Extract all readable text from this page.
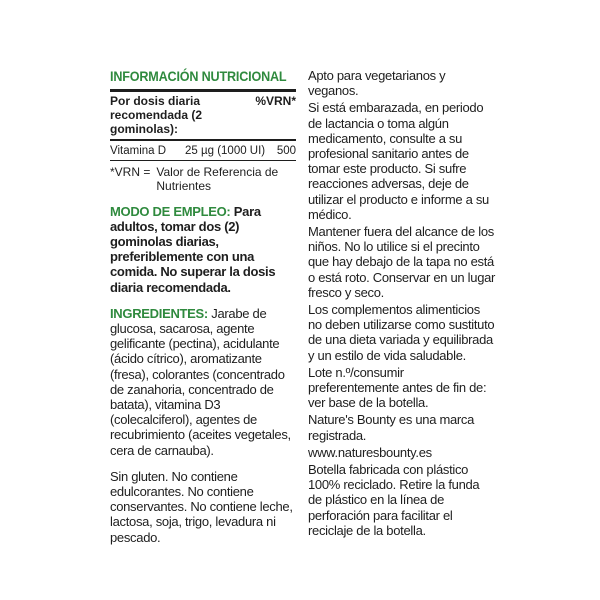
INFORMACIÓN NUTRICIONAL
Por dosis diaria recomendada (2 gominolas):
%VRN*
Vitamina D	25 µg (1000 UI)	500
*VRN = Valor de Referencia de Nutrientes
MODO DE EMPLEO: Para adultos, tomar dos (2) gominolas diarias, preferiblemente con una comida. No superar la dosis diaria recomendada.
INGREDIENTES: Jarabe de glucosa, sacarosa, agente gelificante (pectina), acidulante (ácido cítrico), aromatizante (fresa), colorantes (concentrado de zanahoria, concentrado de batata), vitamina D3 (colecalciferol), agentes de recubrimiento (aceites vegetales, cera de carnauba).
Sin gluten. No contiene edulcorantes. No contiene conservantes. No contiene leche, lactosa, soja, trigo, levadura ni pescado.

Apto para vegetarianos y veganos.

Si está embarazada, en periodo de lactancia o toma algún medicamento, consulte a su profesional sanitario antes de tomar este producto. Si sufre reacciones adversas, deje de utilizar el producto e informe a su médico.

Mantener fuera del alcance de los niños. No lo utilice si el precinto que hay debajo de la tapa no está o está roto. Conservar en un lugar fresco y seco.

Los complementos alimenticios no deben utilizarse como sustituto de una dieta variada y equilibrada y un estilo de vida saludable.

Lote n.º/consumir preferentemente antes de fin de: ver base de la botella.

Nature's Bounty es una marca registrada.

www.naturesbounty.es

Botella fabricada con plástico 100% reciclado. Retire la funda de plástico en la línea de perforación para facilitar el reciclaje de la botella.
